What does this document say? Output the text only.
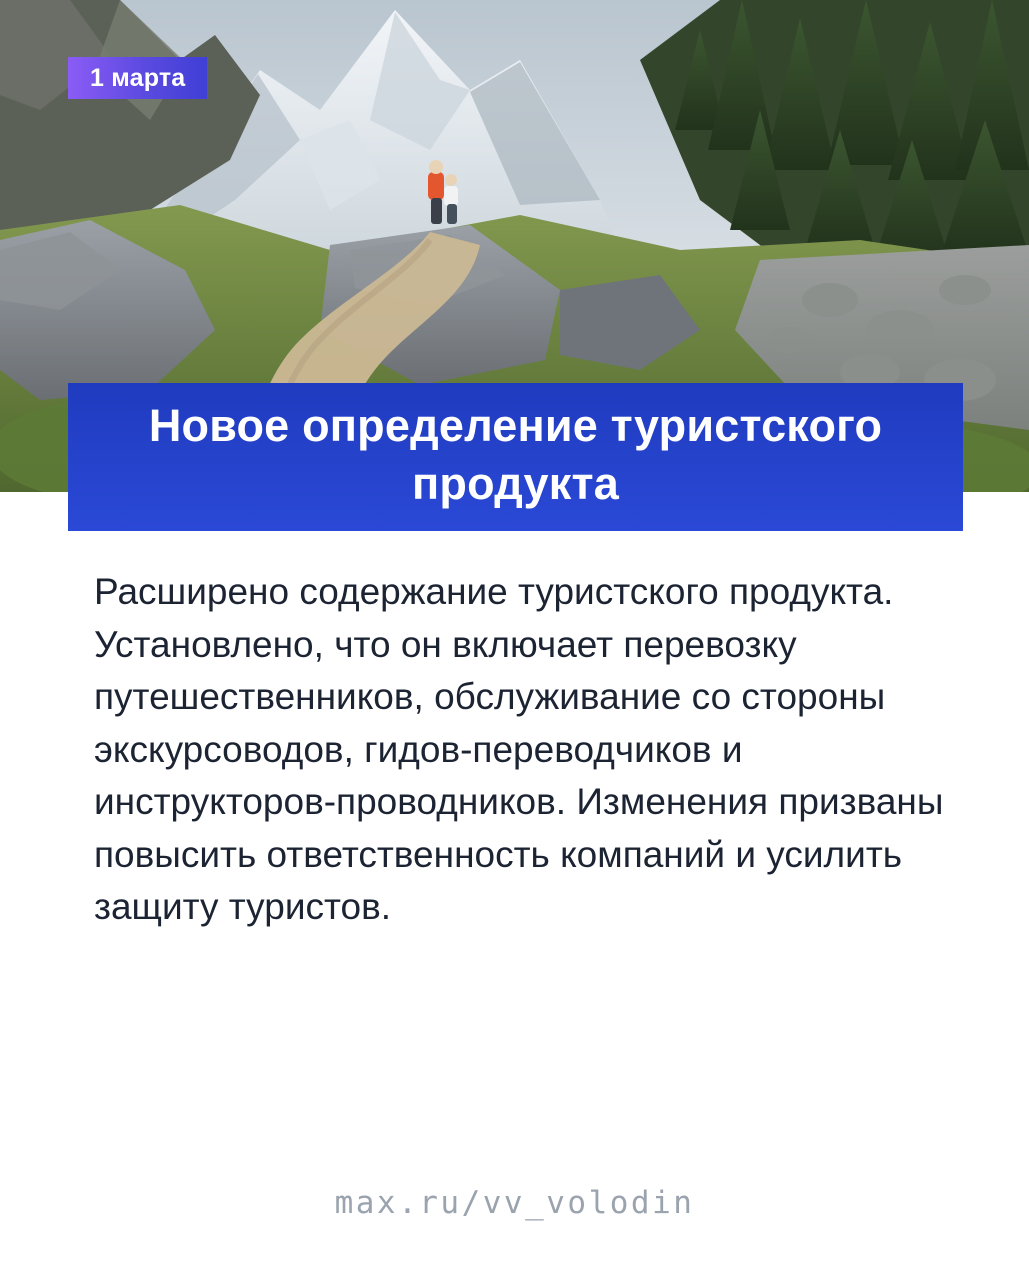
1 марта
Новое определение туристского продукта
Расширено содержание туристского продукта. Установлено, что он включает перевозку путешественников, обслуживание со стороны экскурсоводов, гидов-переводчиков и инструкторов-проводников. Изменения призваны повысить ответственность компаний и усилить защиту туристов.
max.ru/vv_volodin
